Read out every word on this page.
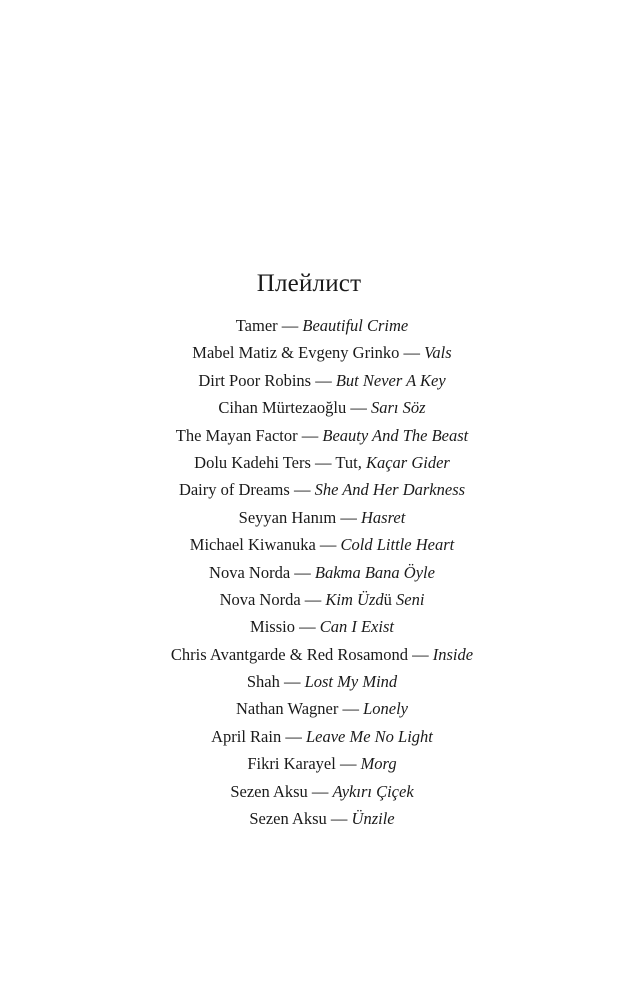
Плейлист
Tamer — Beautiful Crime
Mabel Matiz & Evgeny Grinko — Vals
Dirt Poor Robins — But Never A Key
Cihan Mürtezaoğlu — Sarı Söz
The Mayan Factor — Beauty And The Beast
Dolu Kadehi Ters — Tut, Kaçar Gider
Dairy of Dreams — She And Her Darkness
Seyyan Hanım — Hasret
Michael Kiwanuka — Cold Little Heart
Nova Norda — Bakma Bana Öyle
Nova Norda — Kim Üzdü Seni
Missio — Can I Exist
Chris Avantgarde & Red Rosamond — Inside
Shah — Lost My Mind
Nathan Wagner — Lonely
April Rain — Leave Me No Light
Fikri Karayel — Morg
Sezen Aksu — Aykırı Çiçek
Sezen Aksu — Ünzile
